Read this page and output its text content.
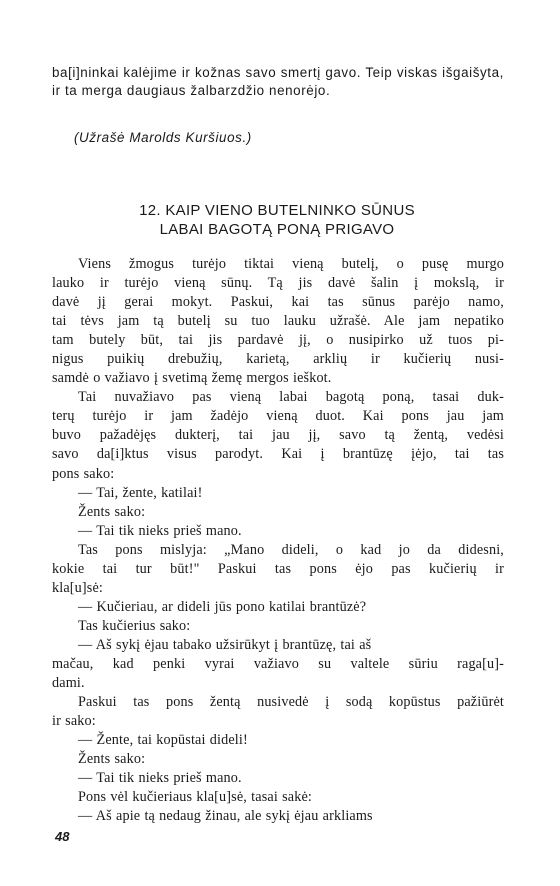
ba[i]ninkai kalėjime ir kožnas savo smertį gavo. Teip viskas išgaišyta, ir ta merga daugiaus žalbarzdžio nenorėjo.
(Užrašė Marolds Kuršiuos.)
12. KAIP VIENO BUTELNINKO SŪNUS
LABAI BAGOTĄ PONĄ PRIGAVO
Viens žmogus turėjo tiktai vieną butelį, o pusę murgo
lauko ir turėjo vieną sūnų. Tą jis davė šalin į mokslą, ir
davė jį gerai mokyt. Paskui, kai tas sūnus parėjo namo,
tai tėvs jam tą butelį su tuo lauku užrašė. Ale jam nepatiko
tam butely būt, tai jis pardavė jį, o nusipirko už tuos pi-
nigus puikių drebužių, karietą, arklių ir kučierių nusi-
samdė o važiavo į svetimą žemę mergos ieškot.
Tai nuvažiavo pas vieną labai bagotą poną, tasai duk-
terų turėjo ir jam žadėjo vieną duot. Kai pons jau jam
buvo pažadėjęs dukterį, tai jau jį, savo tą žentą, vedėsi
savo da[i]ktus visus parodyt. Kai į brantūzę įėjo, tai tas
pons sako:
— Tai, žente, katilai!
Žents sako:
— Tai tik nieks prieš mano.
Tas pons mislyja: „Mano dideli, o kad jo da didesni,
kokie tai tur būt!" Paskui tas pons ėjo pas kučierių ir
kla[u]sė:
— Kučieriau, ar dideli jūs pono katilai brantūzė?
Tas kučierius sako:
— Aš sykį ėjau tabako užsirūkyt į brantūzę, tai aš
mačau, kad penki vyrai važiavo su valtele sūriu raga[u]-
dami.
Paskui tas pons žentą nusivedė į sodą kopūstus pažiūrėt
ir sako:
— Žente, tai kopūstai dideli!
Žents sako:
— Tai tik nieks prieš mano.
Pons vėl kučieriaus kla[u]sė, tasai sakė:
— Aš apie tą nedaug žinau, ale sykį ėjau arkliams
48
